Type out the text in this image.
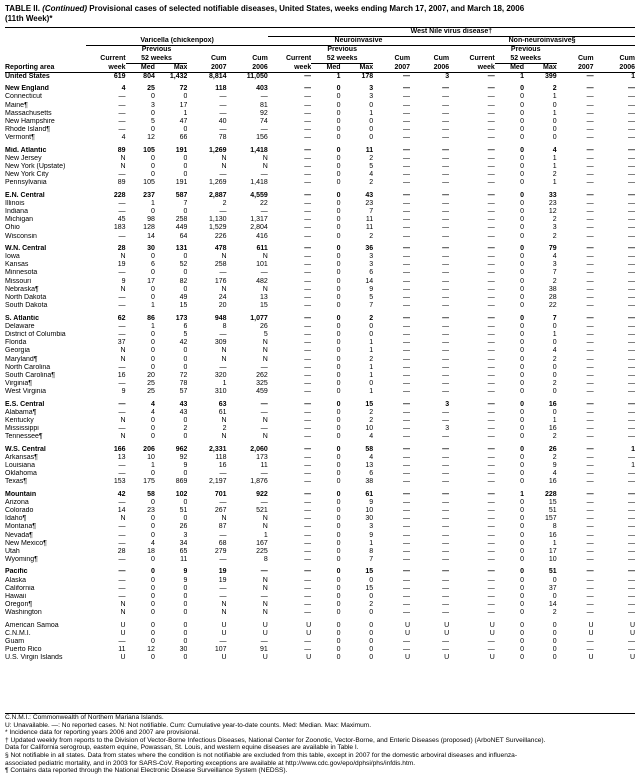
TABLE II. (Continued) Provisional cases of selected notifiable diseases, United States, weeks ending March 17, 2007, and March 18, 2006
(11th Week)*
						West Nile virus disease†									
	Varicella (chickenpox)					Neuroinvasive					Non-neuroinvasive§				
		Previous					Previous					Previous			
	Current	52 weeks		Cum	Cum	Current	52 weeks		Cum	Cum	Current	52 weeks		Cum	Cum
Reporting area	week	Med	Max	2007	2006	week	Med	Max	2007	2006	week	Med	Max	2007	2006
United States	619	804	1,432	8,814	11,050	—	1	178	—	3	—	1	399	—	1

New England	4	25	72	118	403	—	0	3	—	—	—	0	2	—	—
Connecticut	—	0	0	—	—	—	0	3	—	—	—	0	1	—	—
Maine¶	—	3	17	—	81	—	0	0	—	—	—	0	0	—	—
Massachusetts	—	0	1	—	92	—	0	1	—	—	—	0	1	—	—
New Hampshire	—	5	47	40	74	—	0	0	—	—	—	0	0	—	—
Rhode Island¶	—	0	0	—	—	—	0	0	—	—	—	0	0	—	—
Vermont¶	4	12	66	78	156	—	0	0	—	—	—	0	0	—	—

Mid. Atlantic	89	105	191	1,269	1,418	—	0	11	—	—	—	0	4	—	—
New Jersey	N	0	0	N	N	—	0	2	—	—	—	0	1	—	—
New York (Upstate)	N	0	0	N	N	—	0	5	—	—	—	0	1	—	—
New York City	—	0	0	—	—	—	0	4	—	—	—	0	2	—	—
Pennsylvania	89	105	191	1,269	1,418	—	0	2	—	—	—	0	1	—	—

E.N. Central	228	237	587	2,887	4,559	—	0	43	—	—	—	0	33	—	—
Illinois	—	1	7	2	22	—	0	23	—	—	—	0	23	—	—
Indiana	—	0	0	—	—	—	0	7	—	—	—	0	12	—	—
Michigan	45	98	258	1,130	1,317	—	0	11	—	—	—	0	2	—	—
Ohio	183	128	449	1,529	2,804	—	0	11	—	—	—	0	3	—	—
Wisconsin	—	14	64	226	416	—	0	2	—	—	—	0	2	—	—

W.N. Central	28	30	131	478	611	—	0	36	—	—	—	0	79	—	—
Iowa	N	0	0	N	N	—	0	3	—	—	—	0	4	—	—
Kansas	19	6	52	258	101	—	0	3	—	—	—	0	3	—	—
Minnesota	—	0	0	—	—	—	0	6	—	—	—	0	7	—	—
Missouri	9	17	82	176	482	—	0	14	—	—	—	0	2	—	—
Nebraska¶	N	0	0	N	N	—	0	9	—	—	—	0	38	—	—
North Dakota	—	0	49	24	13	—	0	5	—	—	—	0	28	—	—
South Dakota	—	1	15	20	15	—	0	7	—	—	—	0	22	—	—

S. Atlantic	62	86	173	948	1,077	—	0	2	—	—	—	0	7	—	—
Delaware	—	1	6	8	26	—	0	0	—	—	—	0	0	—	—
District of Columbia	—	0	5	—	5	—	0	0	—	—	—	0	1	—	—
Florida	37	0	42	309	N	—	0	1	—	—	—	0	0	—	—
Georgia	N	0	0	N	N	—	0	1	—	—	—	0	4	—	—
Maryland¶	N	0	0	N	N	—	0	2	—	—	—	0	2	—	—
North Carolina	—	0	0	—	—	—	0	1	—	—	—	0	0	—	—
South Carolina¶	16	20	72	320	262	—	0	1	—	—	—	0	0	—	—
Virginia¶	—	25	78	1	325	—	0	0	—	—	—	0	2	—	—
West Virginia	9	25	57	310	459	—	0	1	—	—	—	0	0	—	—

E.S. Central	—	4	43	63	—	—	0	15	—	3	—	0	16	—	—
Alabama¶	—	4	43	61	—	—	0	2	—	—	—	0	0	—	—
Kentucky	N	0	0	N	N	—	0	2	—	—	—	0	1	—	—
Mississippi	—	0	2	2	—	—	0	10	—	3	—	0	16	—	—
Tennessee¶	N	0	0	N	N	—	0	4	—	—	—	0	2	—	—

W.S. Central	166	206	962	2,331	2,060	—	0	58	—	—	—	0	26	—	1
Arkansas¶	13	10	92	118	173	—	0	4	—	—	—	0	2	—	—
Louisiana	—	1	9	16	11	—	0	13	—	—	—	0	9	—	1
Oklahoma	—	0	0	—	—	—	0	6	—	—	—	0	4	—	—
Texas¶	153	175	869	2,197	1,876	—	0	38	—	—	—	0	16	—	—

Mountain	42	58	102	701	922	—	0	61	—	—	—	1	228	—	—
Arizona	—	0	0	—	—	—	0	9	—	—	—	0	15	—	—
Colorado	14	23	51	267	521	—	0	10	—	—	—	0	51	—	—
Idaho¶	N	0	0	N	N	—	0	30	—	—	—	0	157	—	—
Montana¶	—	0	26	87	N	—	0	3	—	—	—	0	8	—	—
Nevada¶	—	0	3	—	1	—	0	9	—	—	—	0	16	—	—
New Mexico¶	—	4	34	68	167	—	0	1	—	—	—	0	1	—	—
Utah	28	18	65	279	225	—	0	8	—	—	—	0	17	—	—
Wyoming¶	—	0	11	—	8	—	0	7	—	—	—	0	10	—	—

Pacific	—	0	9	19	—	—	0	15	—	—	—	0	51	—	—
Alaska	—	0	9	19	N	—	0	0	—	—	—	0	0	—	—
California	—	0	0	—	N	—	0	15	—	—	—	0	37	—	—
Hawaii	—	0	0	—	—	—	0	0	—	—	—	0	0	—	—
Oregon¶	N	0	0	N	N	—	0	2	—	—	—	0	14	—	—
Washington	N	0	0	N	N	—	0	0	—	—	—	0	2	—	—

American Samoa	U	0	0	U	U	U	0	0	U	U	U	0	0	U	U
C.N.M.I.	U	0	0	U	U	U	0	0	U	U	U	0	0	U	U
Guam	—	0	0	—	—	—	0	0	—	—	—	0	0	—	—
Puerto Rico	11	12	30	107	91	—	0	0	—	—	—	0	0	—	—
U.S. Virgin Islands	U	0	0	U	U	U	0	0	U	U	U	0	0	U	U
C.N.M.I.: Commonwealth of Northern Mariana Islands.
U: Unavailable. —: No reported cases. N: Not notifiable. Cum: Cumulative year-to-date counts. Med: Median. Max: Maximum.
* Incidence data for reporting years 2006 and 2007 are provisional.
† Updated weekly from reports to the Division of Vector-Borne Infectious Diseases, National Center for Zoonotic, Vector-Borne, and Enteric Diseases (proposed) (ArboNET Surveillance).
Data for California serogroup, eastern equine, Powassan, St. Louis, and western equine diseases are available in Table I.
§ Not notifiable in all states. Data from states where the condition is not notifiable are excluded from this table, except in 2007 for the domestic arboviral diseases and influenza-
associated pediatric mortality, and in 2003 for SARS-CoV. Reporting exceptions are available at http://www.cdc.gov/epo/dphsi/phs/infdis.htm.
¶ Contains data reported through the National Electronic Disease Surveillance System (NEDSS).
